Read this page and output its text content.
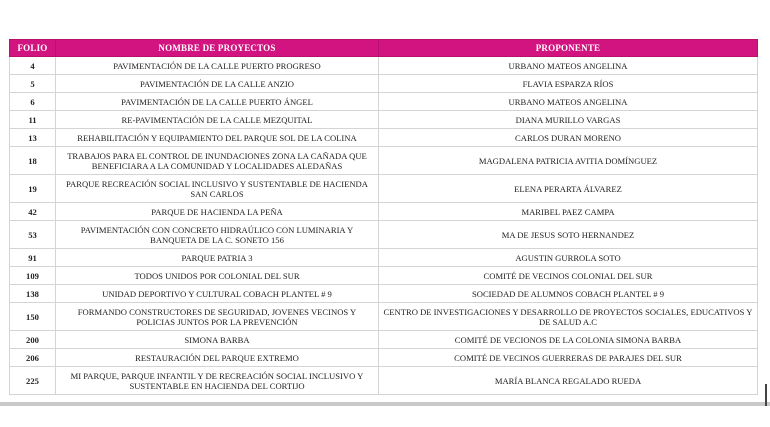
FOLIO	NOMBRE DE PROYECTOS	PROPONENTE
4	PAVIMENTACIÓN DE LA CALLE PUERTO PROGRESO	URBANO MATEOS ANGELINA
5	PAVIMENTACIÓN DE LA CALLE ANZIO	FLAVIA ESPARZA RÍOS
6	PAVIMENTACIÓN DE LA CALLE PUERTO ÁNGEL	URBANO MATEOS ANGELINA
11	RE-PAVIMENTACIÓN DE LA CALLE MEZQUITAL	DIANA MURILLO VARGAS
13	REHABILITACIÓN Y EQUIPAMIENTO DEL PARQUE SOL DE LA COLINA	CARLOS DURAN MORENO
18	TRABAJOS PARA EL CONTROL DE INUNDACIONES ZONA LA CAÑADA QUE BENEFICIARA A LA COMUNIDAD Y LOCALIDADES ALEDAÑAS	MAGDALENA PATRICIA AVITIA DOMÍNGUEZ
19	PARQUE RECREACIÓN SOCIAL INCLUSIVO Y SUSTENTABLE DE HACIENDA SAN CARLOS	ELENA PERARTA ÁLVAREZ
42	PARQUE DE HACIENDA LA PEÑA	MARIBEL PAEZ CAMPA
53	PAVIMENTACIÓN CON CONCRETO HIDRAÚLICO CON LUMINARIA Y BANQUETA DE LA C. SONETO 156	MA DE JESUS SOTO HERNANDEZ
91	PARQUE PATRIA 3	AGUSTIN GURROLA SOTO
109	TODOS UNIDOS POR COLONIAL DEL SUR	COMITÉ DE VECINOS COLONIAL DEL SUR
138	UNIDAD DEPORTIVO Y CULTURAL COBACH PLANTEL # 9	SOCIEDAD DE ALUMNOS COBACH PLANTEL # 9
150	FORMANDO CONSTRUCTORES DE SEGURIDAD, JOVENES VECINOS Y POLICIAS JUNTOS POR LA PREVENCIÓN	CENTRO DE INVESTIGACIONES Y DESARROLLO DE PROYECTOS SOCIALES, EDUCATIVOS Y DE SALUD A.C
200	SIMONA BARBA	COMITÉ DE VECIONOS DE LA COLONIA SIMONA BARBA
206	RESTAURACIÓN DEL PARQUE EXTREMO	COMITÉ DE VECINOS GUERRERAS DE PARAJES DEL SUR
225	MI PARQUE, PARQUE INFANTIL Y DE RECREACIÓN SOCIAL INCLUSIVO Y SUSTENTABLE EN HACIENDA DEL CORTIJO	MARÍA BLANCA REGALADO RUEDA
